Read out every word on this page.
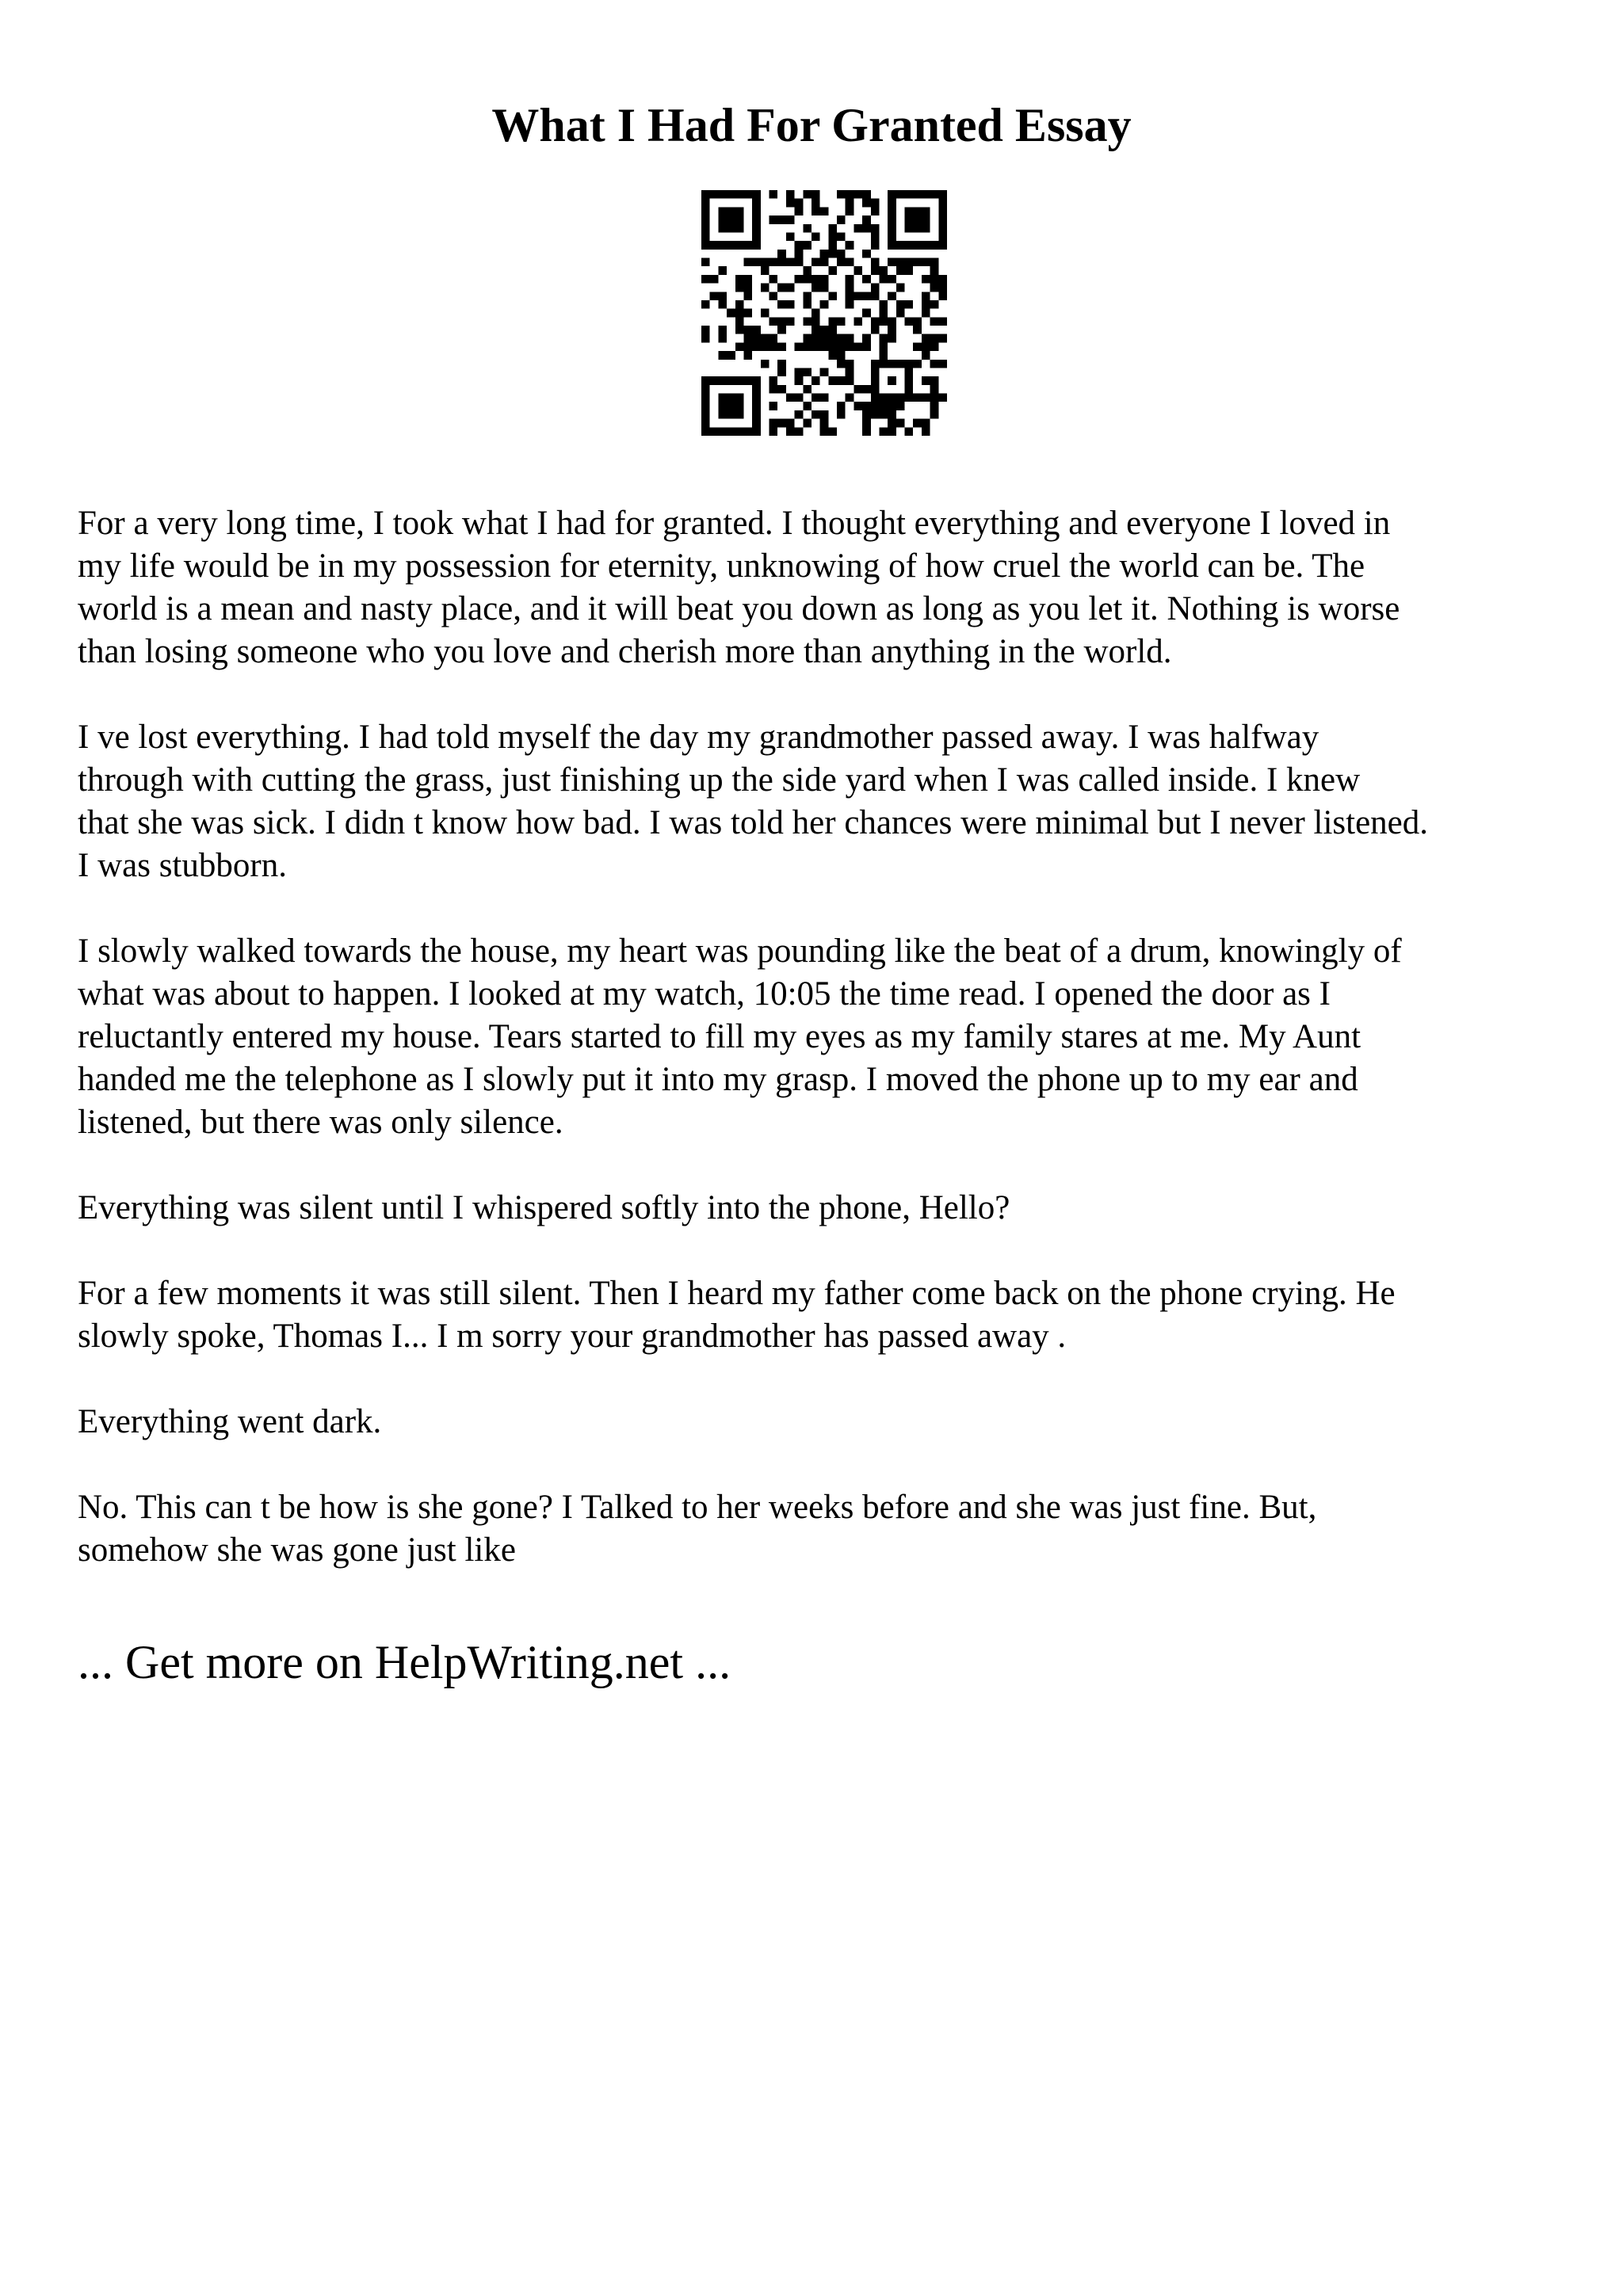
What I Had For Granted Essay

For a very long time, I took what I had for granted. I thought everything and everyone I loved in
my life would be in my possession for eternity, unknowing of how cruel the world can be. The
world is a mean and nasty place, and it will beat you down as long as you let it. Nothing is worse
than losing someone who you love and cherish more than anything in the world.

I ve lost everything. I had told myself the day my grandmother passed away. I was halfway
through with cutting the grass, just finishing up the side yard when I was called inside. I knew
that she was sick. I didn t know how bad. I was told her chances were minimal but I never listened.
I was stubborn.

I slowly walked towards the house, my heart was pounding like the beat of a drum, knowingly of
what was about to happen. I looked at my watch, 10:05 the time read. I opened the door as I
reluctantly entered my house. Tears started to fill my eyes as my family stares at me. My Aunt
handed me the telephone as I slowly put it into my grasp. I moved the phone up to my ear and
listened, but there was only silence.

Everything was silent until I whispered softly into the phone, Hello?

For a few moments it was still silent. Then I heard my father come back on the phone crying. He
slowly spoke, Thomas I... I m sorry your grandmother has passed away .

Everything went dark.

No. This can t be how is she gone? I Talked to her weeks before and she was just fine. But,
somehow she was gone just like

... Get more on HelpWriting.net ...
